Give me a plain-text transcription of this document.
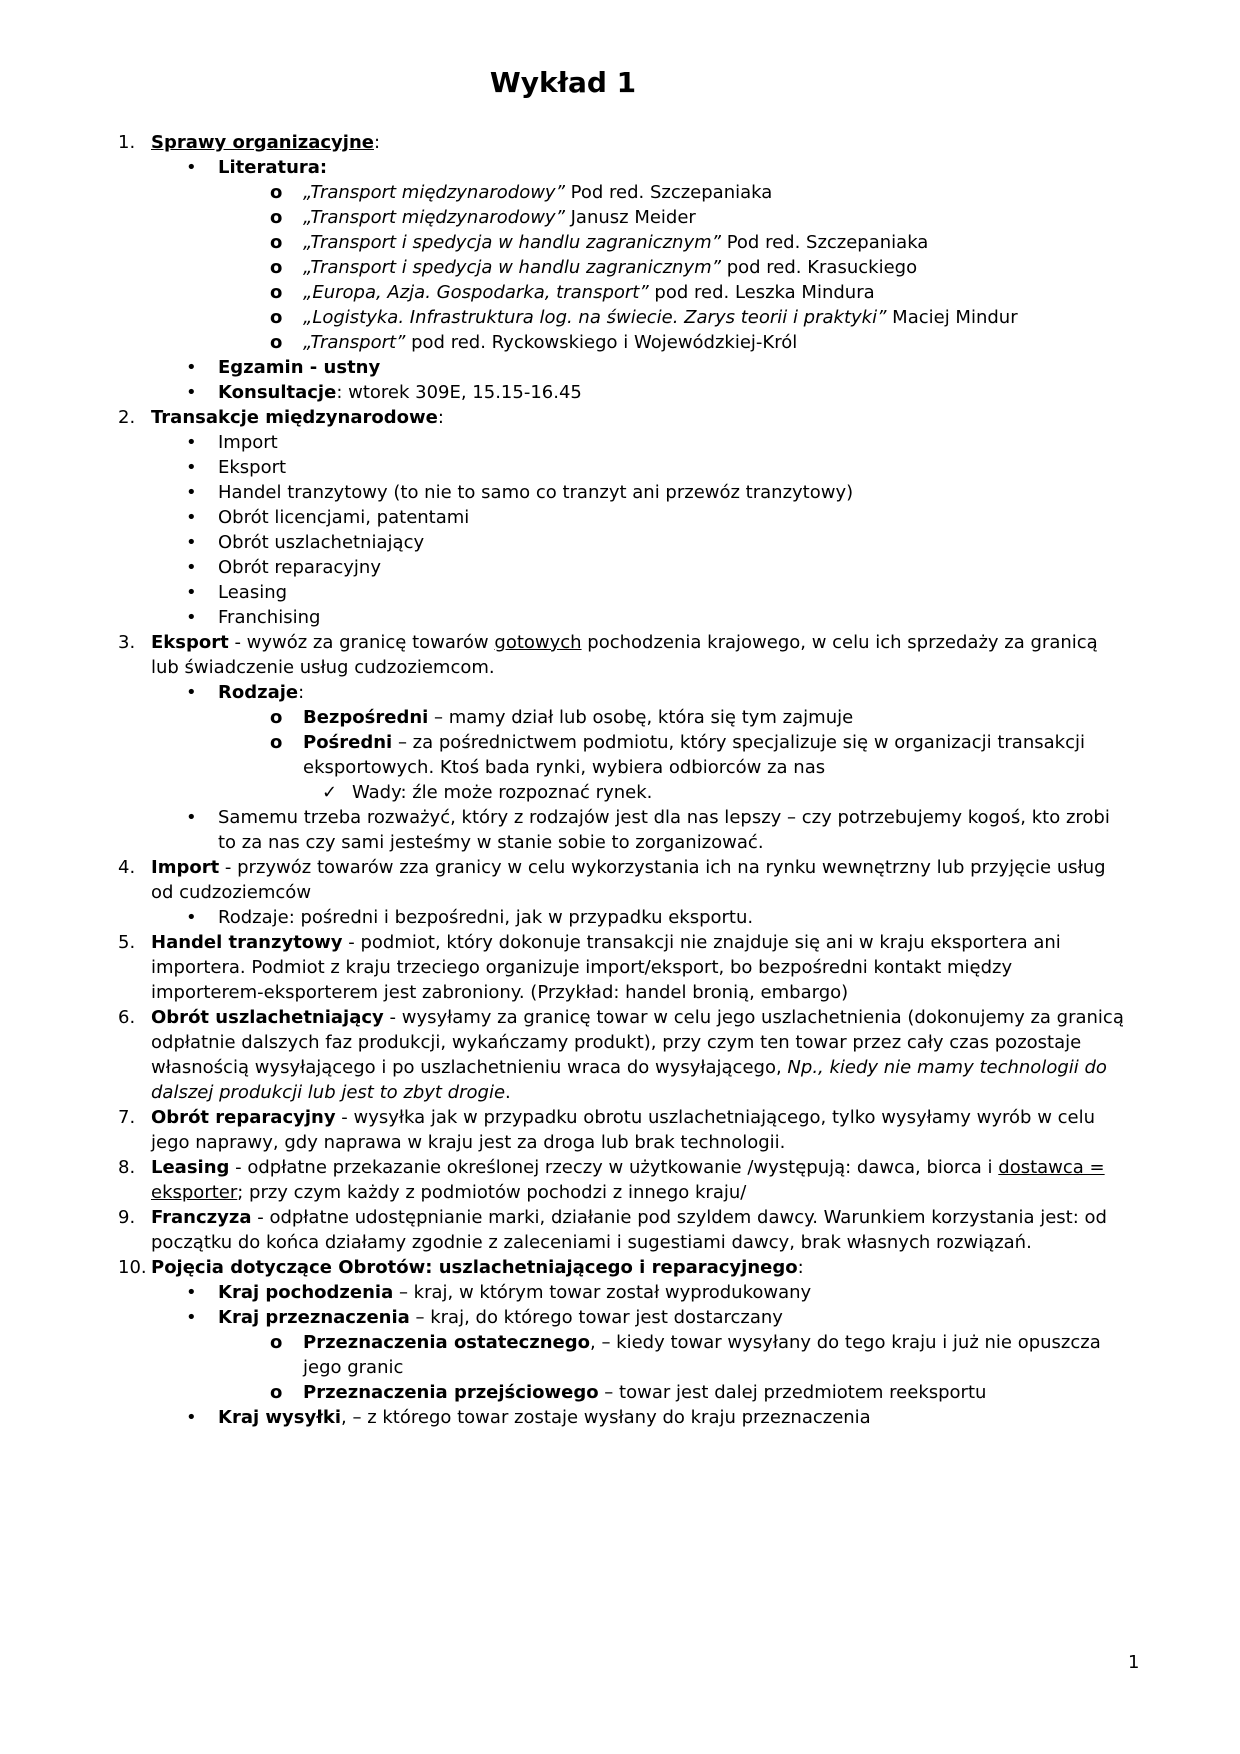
Wykład 1
1. Sprawy organizacyjne:
•	Literatura:
o	„Transport międzynarodowy” Pod red. Szczepaniaka
o	„Transport międzynarodowy” Janusz Meider
o	„Transport i spedycja w handlu zagranicznym” Pod red. Szczepaniaka
o	„Transport i spedycja w handlu zagranicznym” pod red. Krasuckiego
o	„Europa, Azja. Gospodarka, transport” pod red. Leszka Mindura
o	„Logistyka. Infrastruktura log. na świecie. Zarys teorii i praktyki” Maciej Mindur
o	„Transport” pod red. Ryckowskiego i Wojewódzkiej-Król
•	Egzamin - ustny
•	Konsultacje: wtorek 309E, 15.15-16.45
2. Transakcje międzynarodowe:
•	Import
•	Eksport
•	Handel tranzytowy (to nie to samo co tranzyt ani przewóz tranzytowy)
•	Obrót licencjami, patentami
•	Obrót uszlachetniający
•	Obrót reparacyjny
•	Leasing
•	Franchising
3. Eksport - wywóz za granicę towarów gotowych pochodzenia krajowego, w celu ich sprzedaży za granicą lub świadczenie usług cudzoziemcom.
•	Rodzaje:
o	Bezpośredni – mamy dział lub osobę, która się tym zajmuje
o	Pośredni – za pośrednictwem podmiotu, który specjalizuje się w organizacji transakcji eksportowych. Ktoś bada rynki, wybiera odbiorców za nas
✓ Wady: źle może rozpoznać rynek.
•	Samemu trzeba rozważyć, który z rodzajów jest dla nas lepszy – czy potrzebujemy kogoś, kto zrobi to za nas czy sami jesteśmy w stanie sobie to zorganizować.
4. Import - przywóz towarów zza granicy w celu wykorzystania ich na rynku wewnętrzny lub przyjęcie usług od cudzoziemców
•	Rodzaje: pośredni i bezpośredni, jak w przypadku eksportu.
5. Handel tranzytowy - podmiot, który dokonuje transakcji nie znajduje się ani w kraju eksportera ani importera. Podmiot z kraju trzeciego organizuje import/eksport, bo bezpośredni kontakt między importerem-eksporterem jest zabroniony. (Przykład: handel bronią, embargo)
6. Obrót uszlachetniający - wysyłamy za granicę towar w celu jego uszlachetnienia (dokonujemy za granicą odpłatnie dalszych faz produkcji, wykańczamy produkt), przy czym ten towar przez cały czas pozostaje własnością wysyłającego i po uszlachetnieniu wraca do wysyłającego, Np., kiedy nie mamy technologii do dalszej produkcji lub jest to zbyt drogie.
7. Obrót reparacyjny - wysyłka jak w przypadku obrotu uszlachetniającego, tylko wysyłamy wyrób w celu jego naprawy, gdy naprawa w kraju jest za droga lub brak technologii.
8. Leasing - odpłatne przekazanie określonej rzeczy w użytkowanie /występują: dawca, biorca i dostawca = eksporter; przy czym każdy z podmiotów pochodzi z innego kraju/
9. Franczyza - odpłatne udostępnianie marki, działanie pod szyldem dawcy. Warunkiem korzystania jest: od początku do końca działamy zgodnie z zaleceniami i sugestiami dawcy, brak własnych rozwiązań.
10. Pojęcia dotyczące Obrotów: uszlachetniającego i reparacyjnego:
•	Kraj pochodzenia – kraj, w którym towar został wyprodukowany
•	Kraj przeznaczenia – kraj, do którego towar jest dostarczany
o	Przeznaczenia ostatecznego, – kiedy towar wysyłany do tego kraju i już nie opuszcza jego granic
o	Przeznaczenia przejściowego – towar jest dalej przedmiotem reeksportu
•	Kraj wysyłki, – z którego towar zostaje wysłany do kraju przeznaczenia
1
